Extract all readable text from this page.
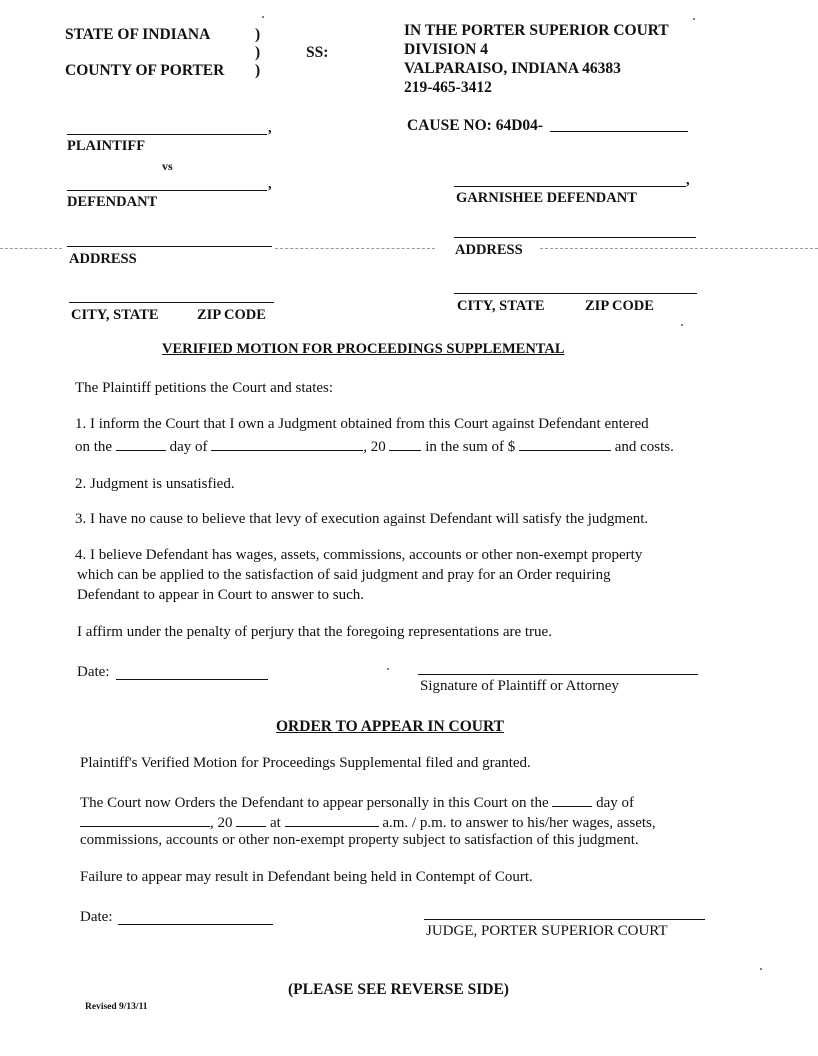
STATE OF INDIANA
COUNTY OF PORTER
)
)
)
SS:
IN THE PORTER SUPERIOR COURT
DIVISION 4
VALPARAISO, INDIANA 46383
219-465-3412
CAUSE NO: 64D04-
,
PLAINTIFF
vs
,
DEFENDANT
ADDRESS
CITY, STATE	ZIP CODE
,
GARNISHEE DEFENDANT
ADDRESS
CITY, STATE	ZIP CODE
VERIFIED MOTION FOR PROCEEDINGS SUPPLEMENTAL
The Plaintiff petitions the Court and states:
1. I inform the Court that I own a Judgment obtained from this Court against Defendant entered
on the	day of	, 20	in the sum of $	and costs.
2. Judgment is unsatisfied.
3. I have no cause to believe that levy of execution against Defendant will satisfy the judgment.
4. I believe Defendant has wages, assets, commissions, accounts or other non-exempt property
which can be applied to the satisfaction of said judgment and pray for an Order requiring
Defendant to appear in Court to answer to such.
I affirm under the penalty of perjury that the foregoing representations are true.
Date:
Signature of Plaintiff or Attorney
ORDER TO APPEAR IN COURT
Plaintiff's Verified Motion for Proceedings Supplemental filed and granted.
The Court now Orders the Defendant to appear personally in this Court on the	day of
, 20	at	a.m. / p.m. to answer to his/her wages, assets,
commissions, accounts or other non-exempt property subject to satisfaction of this judgment.
Failure to appear may result in Defendant being held in Contempt of Court.
Date:
JUDGE, PORTER SUPERIOR COURT
(PLEASE SEE REVERSE SIDE)
Revised 9/13/11
